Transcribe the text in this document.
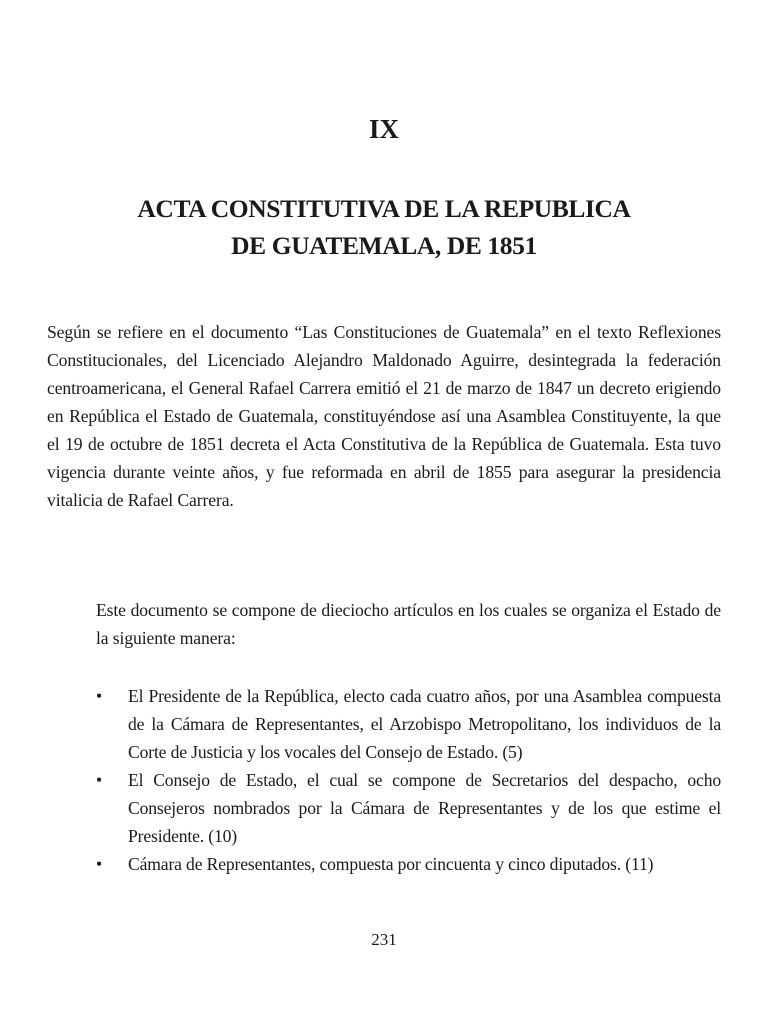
IX
ACTA CONSTITUTIVA DE LA REPUBLICA
DE GUATEMALA, DE 1851

Según se refiere en el documento “Las Constituciones de Guatemala” en el texto Reflexiones Constitucionales, del Licenciado Alejandro Maldonado Aguirre, desintegrada la federación centroamericana, el General Rafael Carrera emitió el 21 de marzo de 1847 un decreto erigiendo en República el Estado de Guatemala, constituyéndose así una Asamblea Constituyente, la que el 19 de octubre de 1851 decreta el Acta Constitutiva de la República de Guatemala. Esta tuvo vigencia durante veinte años, y fue reformada en abril de 1855 para asegurar la presidencia vitalicia de Rafael Carrera.

Este documento se compone de dieciocho artículos en los cuales se organiza el Estado de la siguiente manera:

•	El Presidente de la República, electo cada cuatro años, por una Asamblea compuesta de la Cámara de Representantes, el Arzobispo Metropolitano, los individuos de la Corte de Justicia y los vocales del Consejo de Estado. (5)
•	El Consejo de Estado, el cual se compone de Secretarios del despacho, ocho Consejeros nombrados por la Cámara de Representantes y de los que estime el Presidente. (10)
•	Cámara de Representantes, compuesta por cincuenta y cinco diputados. (11)
231
